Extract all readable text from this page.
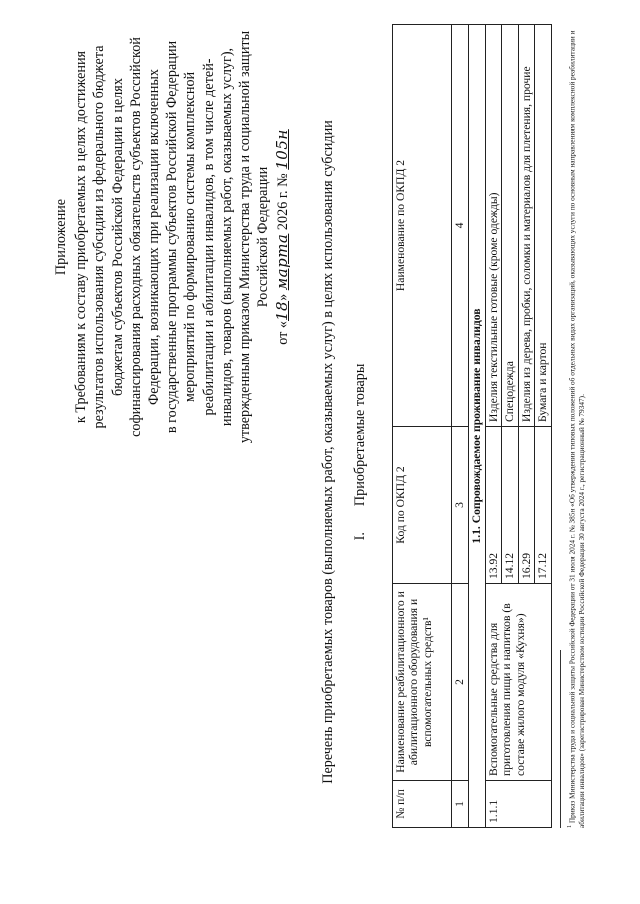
Приложение к Требованиям к составу приобретаемых в целях достижения результатов использования субсидии из федерального бюджета бюджетам субъектов Российской Федерации в целях софинансирования расходных обязательств субъектов Российской Федерации, возникающих при реализации включенных в государственные программы субъектов Российской Федерации мероприятий по формированию системы комплексной реабилитации и абилитации инвалидов, в том числе детей- инвалидов, товаров (выполняемых работ, оказываемых услуг), утвержденным приказом Министерства труда и социальной защиты Российской Федерации
от «18» марта 2026 г. № 105н Перечень приобретаемых товаров (выполняемых работ, оказываемых услуг) в целях использования субсидии I.Приобретаемые товары
№ п/п	Наименование реабилитационного и абилитационного оборудования и вспомогательных средств¹	Код по ОКПД 2	Наименование по ОКПД 2
1	2	3	4
1.1. Сопровождаемое проживание инвалидов			
1.1.1	Вспомогательные средства для приготовления пищи и напитков (в составе жилого модуля «Кухня»)	13.92	Изделия текстильные готовые (кроме одежды)
		14.12	Спецодежда
		16.29	Изделия из дерева, пробки, соломки и материалов для плетения, прочие
		17.12	Бумага и картон
$^1$ Приказ Министерства труда и социальной защиты Российской Федерации от 31 июля 2024 г. № 385н «Об утверждении типовых положений об отдельных видах организаций, оказывающих услуги по основным направлениям комплексной реабилитации и абилитации инвалидов» (зарегистрирован Министерством юстиции Российской Федерации 30 августа 2024 г., регистрационный № 79347).
